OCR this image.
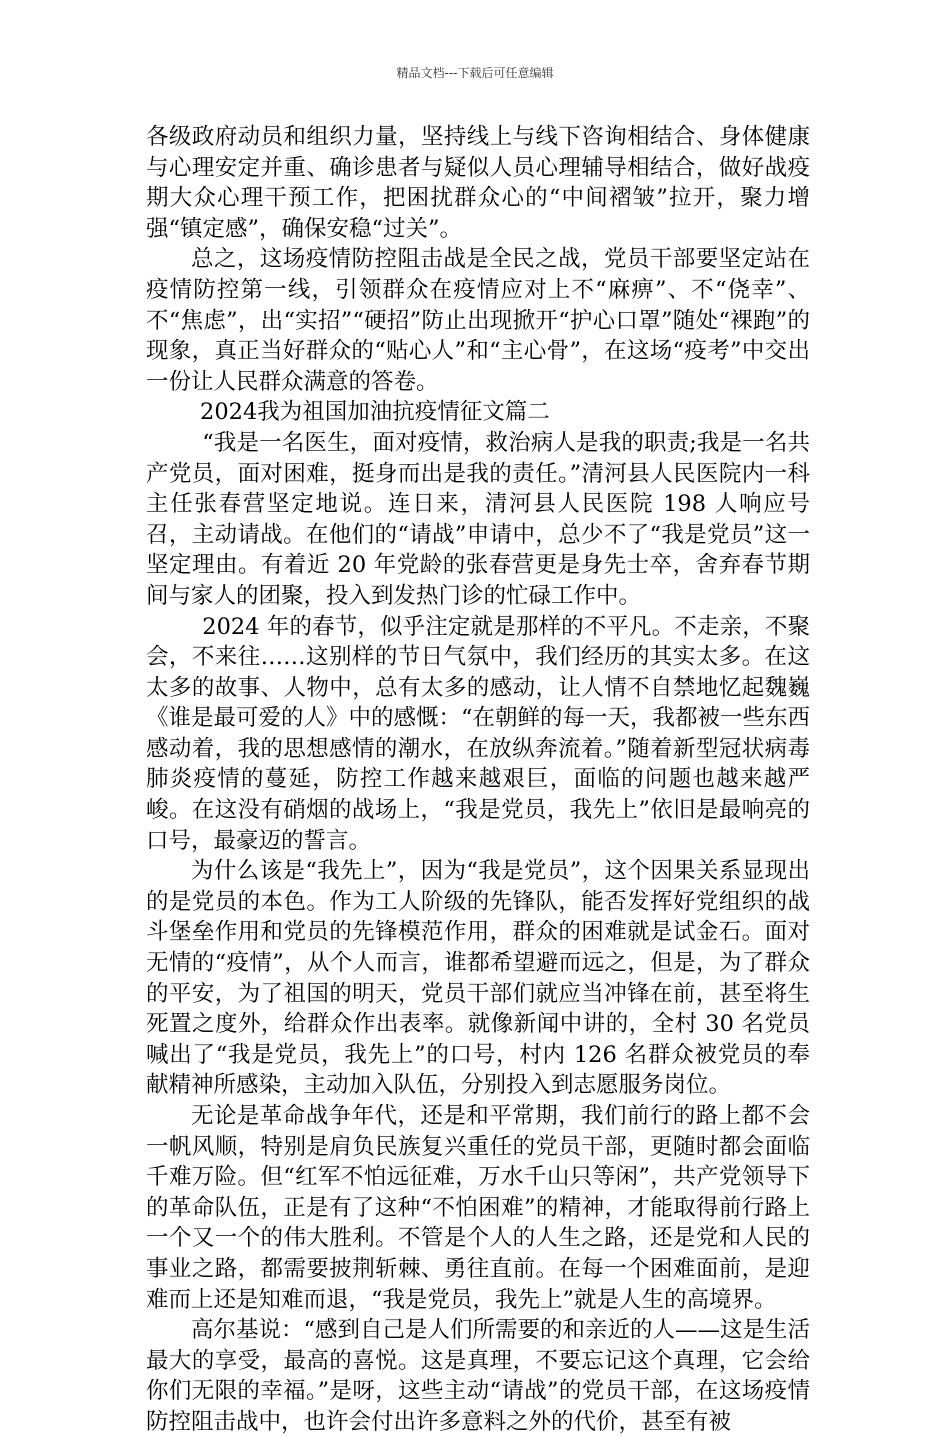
精品文档---下载后可任意编辑

各级政府动员和组织力量，坚持线上与线下咨询相结合、身体健康与心理安定并重、确诊患者与疑似人员心理辅导相结合，做好战疫期大众心理干预工作，把困扰群众心的“中间褶皱”拉开，聚力增强“镇定感”，确保安稳“过关”。

总之，这场疫情防控阻击战是全民之战，党员干部要坚定站在疫情防控第一线，引领群众在疫情应对上不“麻痹”、不“侥幸”、不“焦虑”，出“实招”“硬招”防止出现掀开“护心口罩”随处“裸跑”的现象，真正当好群众的“贴心人”和“主心骨”，在这场“疫考”中交出一份让人民群众满意的答卷。

2024我为祖国加油抗疫情征文篇二

“我是一名医生，面对疫情，救治病人是我的职责;我是一名共产党员，面对困难，挺身而出是我的责任。”清河县人民医院内一科主任张春营坚定地说。连日来，清河县人民医院 198 人响应号召，主动请战。在他们的“请战”申请中，总少不了“我是党员”这一坚定理由。有着近 20 年党龄的张春营更是身先士卒，舍弃春节期间与家人的团聚，投入到发热门诊的忙碌工作中。

2024 年的春节，似乎注定就是那样的不平凡。不走亲，不聚会，不来往……这别样的节日气氛中，我们经历的其实太多。在这太多的故事、人物中，总有太多的感动，让人情不自禁地忆起魏巍《谁是最可爱的人》中的感慨：“在朝鲜的每一天，我都被一些东西感动着，我的思想感情的潮水，在放纵奔流着。”随着新型冠状病毒肺炎疫情的蔓延，防控工作越来越艰巨，面临的问题也越来越严峻。在这没有硝烟的战场上，“我是党员，我先上”依旧是最响亮的口号，最豪迈的誓言。

为什么该是“我先上”，因为“我是党员”，这个因果关系显现出的是党员的本色。作为工人阶级的先锋队，能否发挥好党组织的战斗堡垒作用和党员的先锋模范作用，群众的困难就是试金石。面对无情的“疫情”，从个人而言，谁都希望避而远之，但是，为了群众的平安，为了祖国的明天，党员干部们就应当冲锋在前，甚至将生死置之度外，给群众作出表率。就像新闻中讲的，全村 30 名党员喊出了“我是党员，我先上”的口号，村内 126 名群众被党员的奉献精神所感染，主动加入队伍，分别投入到志愿服务岗位。

无论是革命战争年代，还是和平常期，我们前行的路上都不会一帆风顺，特别是肩负民族复兴重任的党员干部，更随时都会面临千难万险。但“红军不怕远征难，万水千山只等闲”，共产党领导下的革命队伍，正是有了这种“不怕困难”的精神，才能取得前行路上一个又一个的伟大胜利。不管是个人的人生之路，还是党和人民的事业之路，都需要披荆斩棘、勇往直前。在每一个困难面前，是迎难而上还是知难而退，“我是党员，我先上”就是人生的高境界。

高尔基说：“感到自己是人们所需要的和亲近的人——这是生活最大的享受，最高的喜悦。这是真理，不要忘记这个真理，它会给你们无限的幸福。”是呀，这些主动“请战”的党员干部，在这场疫情防控阻击战中，也许会付出许多意料之外的代价，甚至有被
